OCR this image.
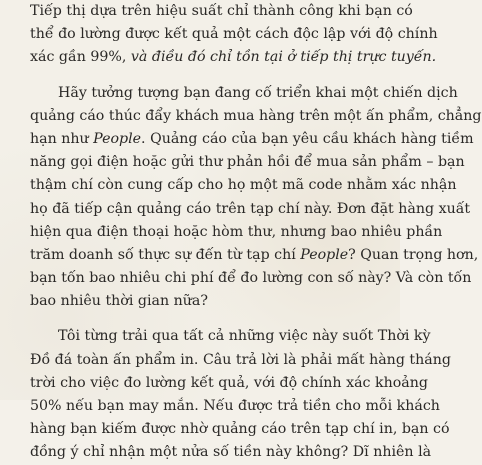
Tiếp thị dựa trên hiệu suất chỉ thành công khi bạn có
thể đo lường được kết quả một cách độc lập với độ chính
xác gần 99%, và điều đó chỉ tồn tại ở tiếp thị trực tuyến.

Hãy tưởng tượng bạn đang cố triển khai một chiến dịch
quảng cáo thúc đẩy khách mua hàng trên một ấn phẩm, chẳng
hạn như People. Quảng cáo của bạn yêu cầu khách hàng tiềm
năng gọi điện hoặc gửi thư phản hồi để mua sản phẩm – bạn
thậm chí còn cung cấp cho họ một mã code nhằm xác nhận
họ đã tiếp cận quảng cáo trên tạp chí này. Đơn đặt hàng xuất
hiện qua điện thoại hoặc hòm thư, nhưng bao nhiêu phần
trăm doanh số thực sự đến từ tạp chí People? Quan trọng hơn,
bạn tốn bao nhiêu chi phí để đo lường con số này? Và còn tốn
bao nhiêu thời gian nữa?

Tôi từng trải qua tất cả những việc này suốt Thời kỳ
Đồ đá toàn ấn phẩm in. Câu trả lời là phải mất hàng tháng
trời cho việc đo lường kết quả, với độ chính xác khoảng
50% nếu bạn may mắn. Nếu được trả tiền cho mỗi khách
hàng bạn kiếm được nhờ quảng cáo trên tạp chí in, bạn có
đồng ý chỉ nhận một nửa số tiền này không? Dĩ nhiên là
